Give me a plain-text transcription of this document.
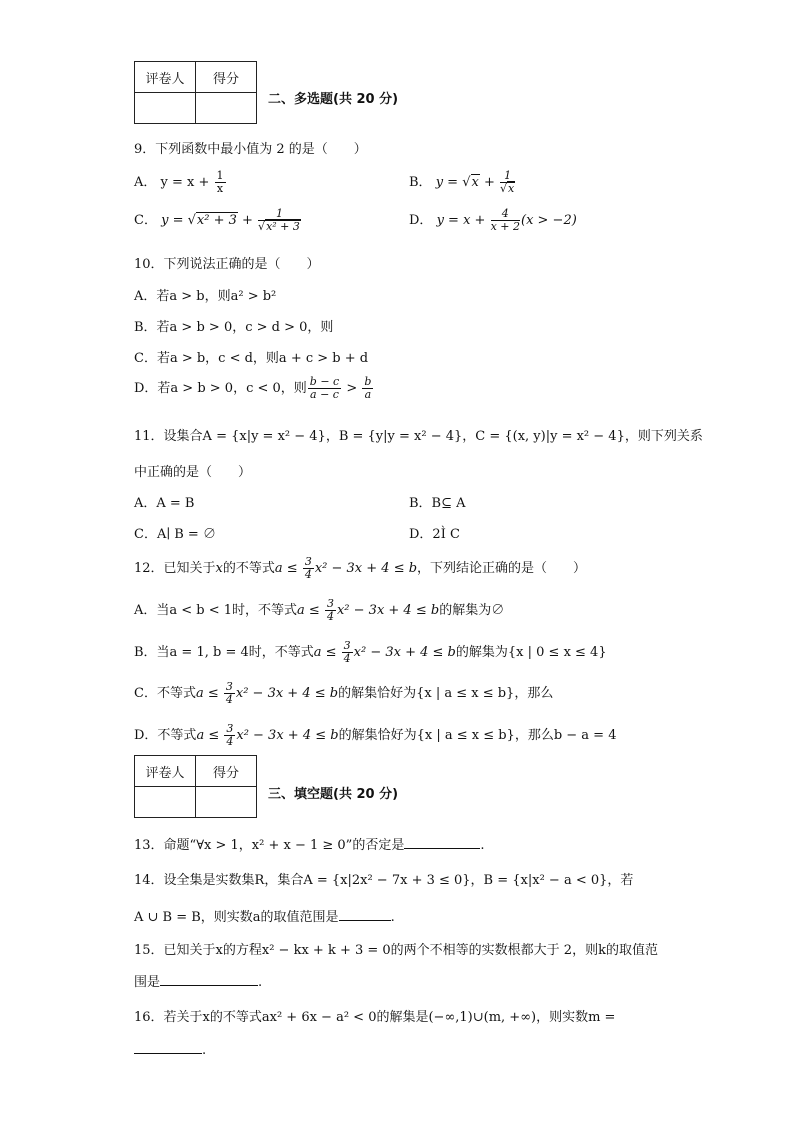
评卷人	得分

二、多选题(共 20 分)
9．下列函数中最小值为 2 的是（　　）
A． $y = x + \frac{1}{x}$	B． $y = √x + \frac{1}{√x}$
C． $y = √x^2 + 3 + \frac{1}{\text{√x² + 3}}$	D． $y = x + \frac{4}{x + 2} (x > -2)$
10．下列说法正确的是（　　）
A．若a > b，则a² > b²
B．若a > b > 0，c > d > 0，则
C．若a > b，c < d，则a + c > b + d
D．若a > b > 0，c < 0，则 $\frac{b - c}{a - c} > \frac{b}{a}$
11．设集合A = {x|y = x² − 4}，B = {y|y = x² − 4}，C = {(x, y)|y = x² − 4}，则下列关系
中正确的是（　　）
A．A = B	B．B⊆ A
C．A∣ B = ∅	D．2Ì C
12．已知关于x的不等式$a \le \frac{3}{4} x^2 - 3x + 4 \le b$，下列结论正确的是（　　）
A．当a < b < 1时，不等式$a \le \frac{3}{4} x^2 - 3x + 4 \le b$的解集为∅
B．当a = 1, b = 4时，不等式$a \le \frac{3}{4} x^2 - 3x + 4 \le b$的解集为{x | 0 ≤ x ≤ 4}
C．不等式$a \le \frac{3}{4} x^2 - 3x + 4 \le b$的解集恰好为{x | a ≤ x ≤ b}，那么
D．不等式$a \le \frac{3}{4} x^2 - 3x + 4 \le b$的解集恰好为{x | a ≤ x ≤ b}，那么b − a = 4
评卷人	得分

三、填空题(共 20 分)
13．命题“∀x > 1，x² + x − 1 ≥ 0”的否定是	.
14．设全集是实数集R，集合A = {x|2x² − 7x + 3 ≤ 0}，B = {x|x² − a < 0}，若
A ∪ B = B，则实数a的取值范围是	.
15．已知关于x的方程x² − kx + k + 3 = 0的两个不相等的实数根都大于 2，则k的取值范
围是	.
16．若关于x的不等式ax² + 6x − a² < 0的解集是(−∞,1)∪(m, +∞)，则实数m =
.
